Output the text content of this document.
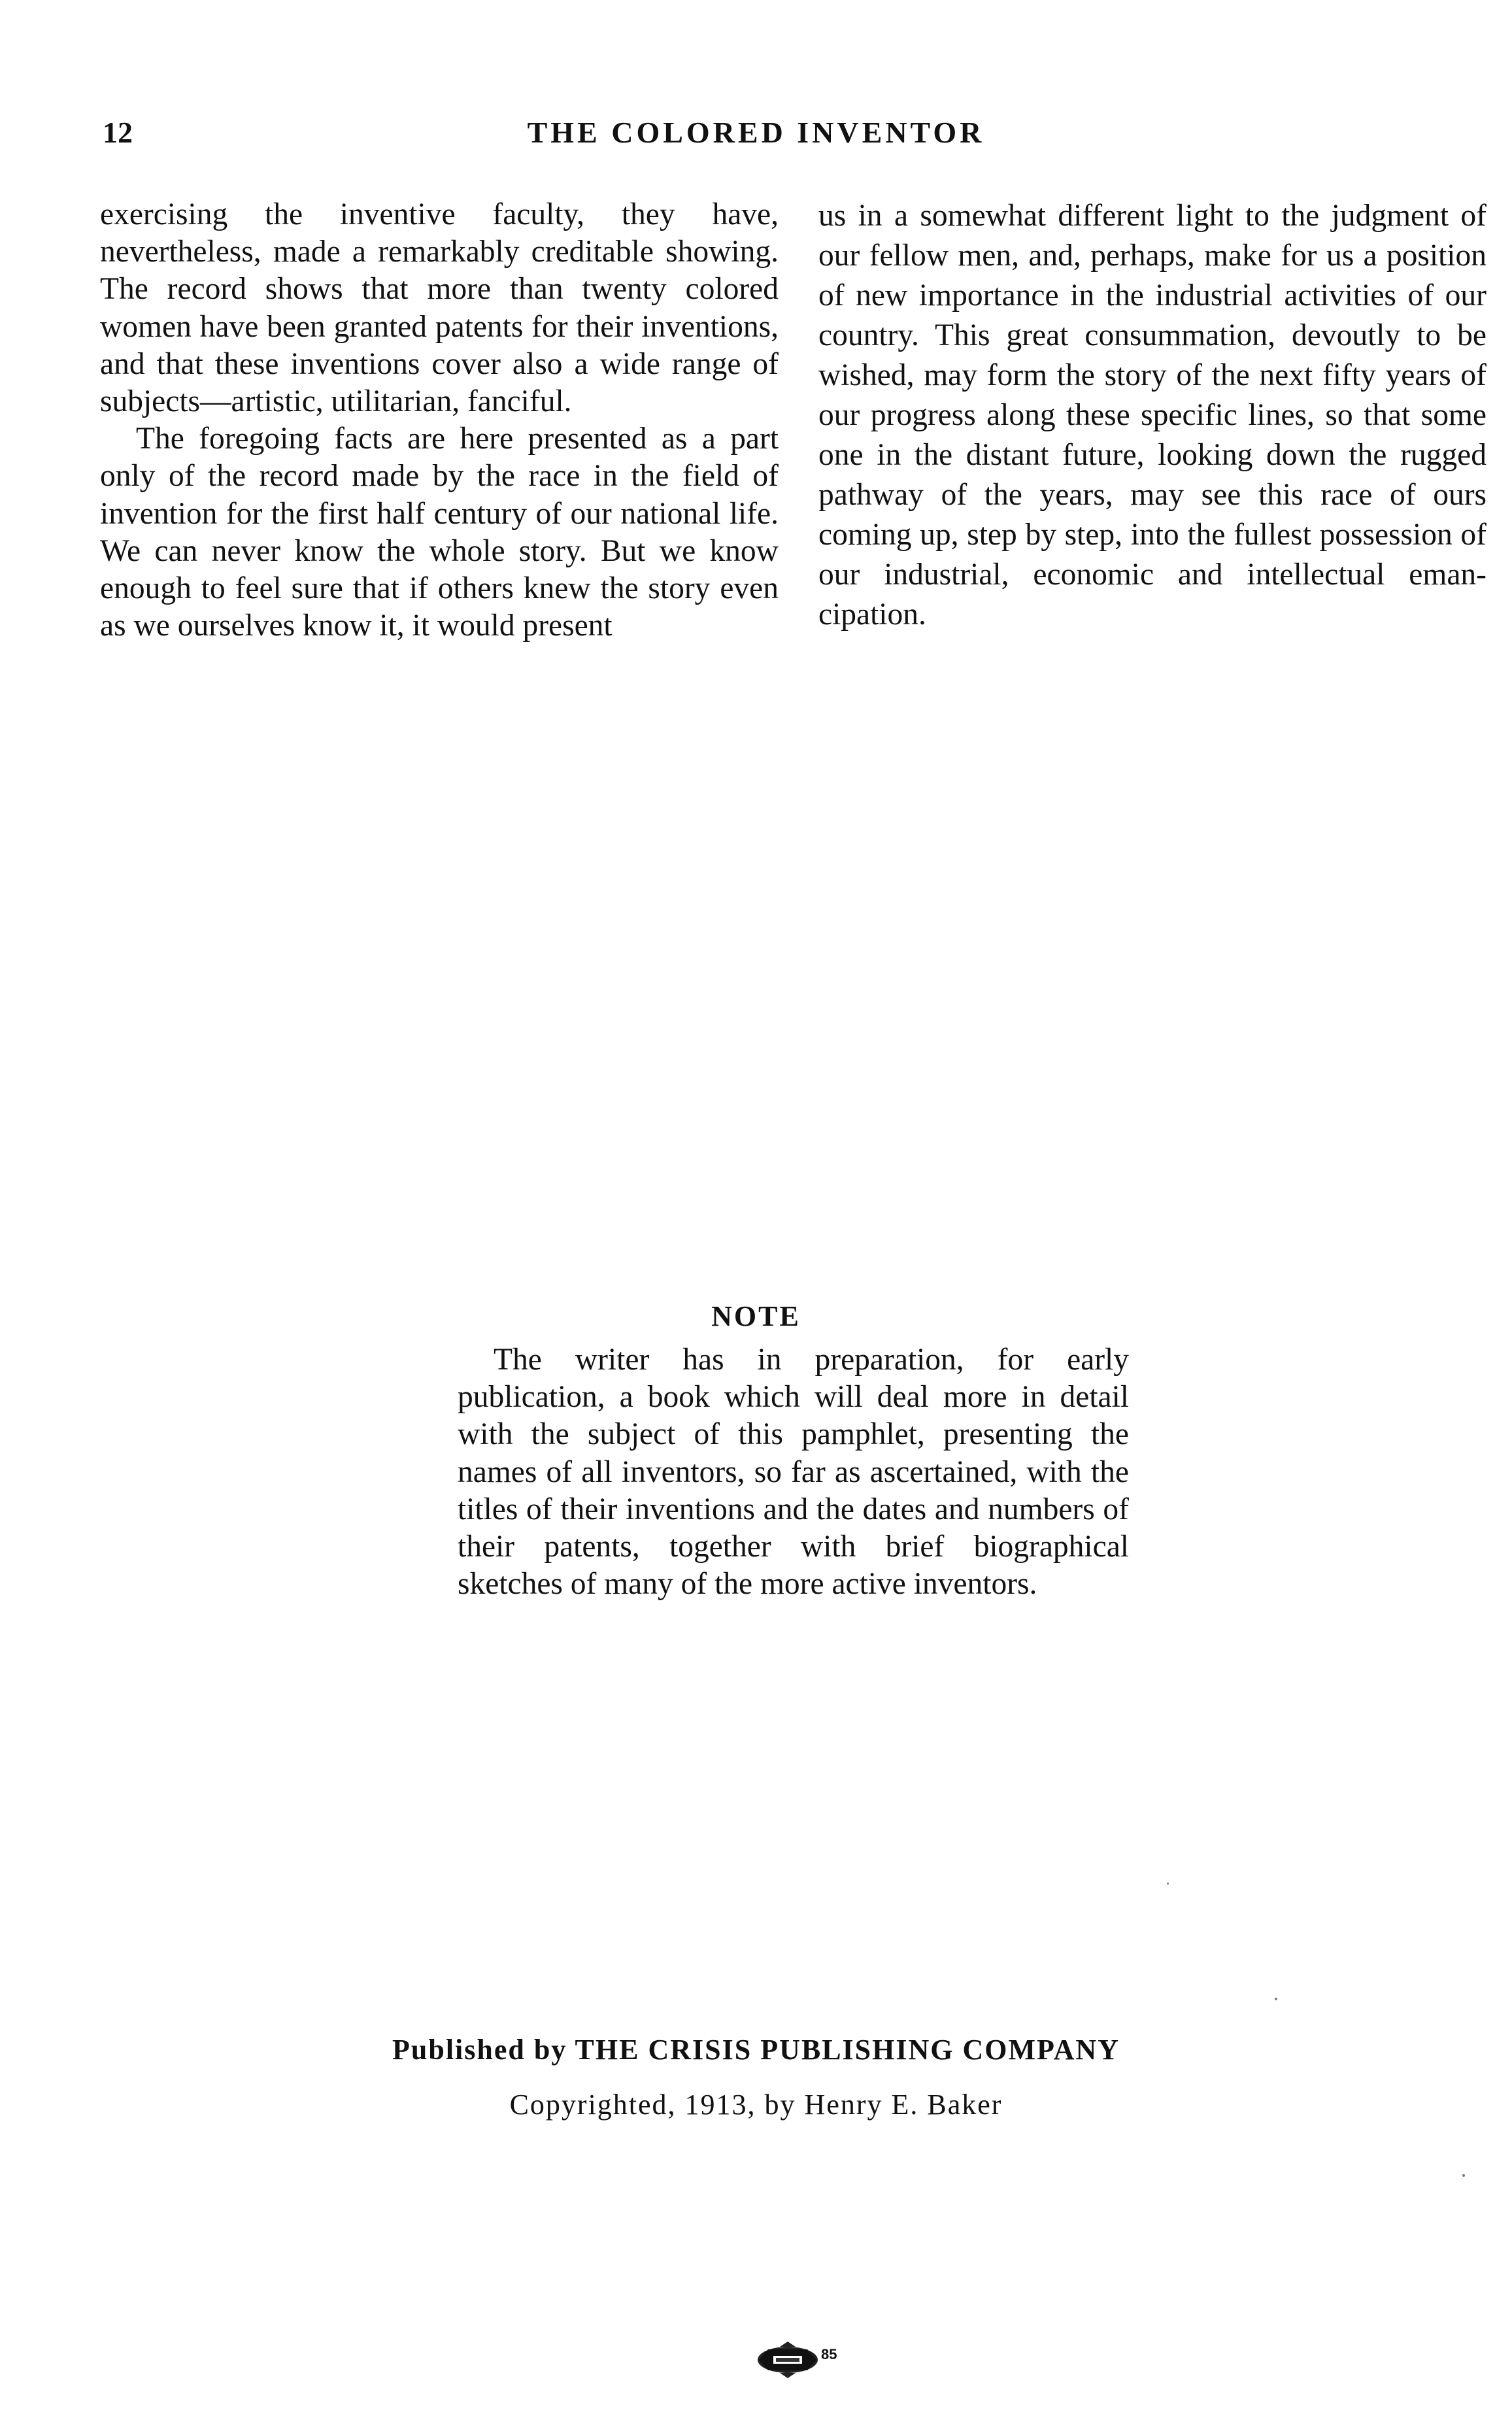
12	THE COLORED INVENTOR

exercising the inventive faculty, they have, nevertheless, made a remarkably creditable showing. The record shows that more than twenty colored women have been granted patents for their inventions, and that these inventions cover also a wide range of subjects—artistic, utilitarian, fanciful.

The foregoing facts are here presented as a part only of the record made by the race in the field of invention for the first half century of our national life. We can never know the whole story. But we know enough to feel sure that if others knew the story even as we ourselves know it, it would present

us in a somewhat different light to the judgment of our fellow men, and, perhaps, make for us a position of new importance in the industrial activities of our country. This great consummation, devoutly to be wished, may form the story of the next fifty years of our progress along these specific lines, so that some one in the distant future, looking down the rugged pathway of the years, may see this race of ours coming up, step by step, into the fullest possession of our industrial, economic and intellectual emancipation.

NOTE

The writer has in preparation, for early publication, a book which will deal more in detail with the subject of this pamphlet, presenting the names of all inventors, so far as ascertained, with the titles of their inventions and the dates and numbers of their patents, together with brief biographical sketches of many of the more active inventors.

Published by THE CRISIS PUBLISHING COMPANY
Copyrighted, 1913, by Henry E. Baker
85
